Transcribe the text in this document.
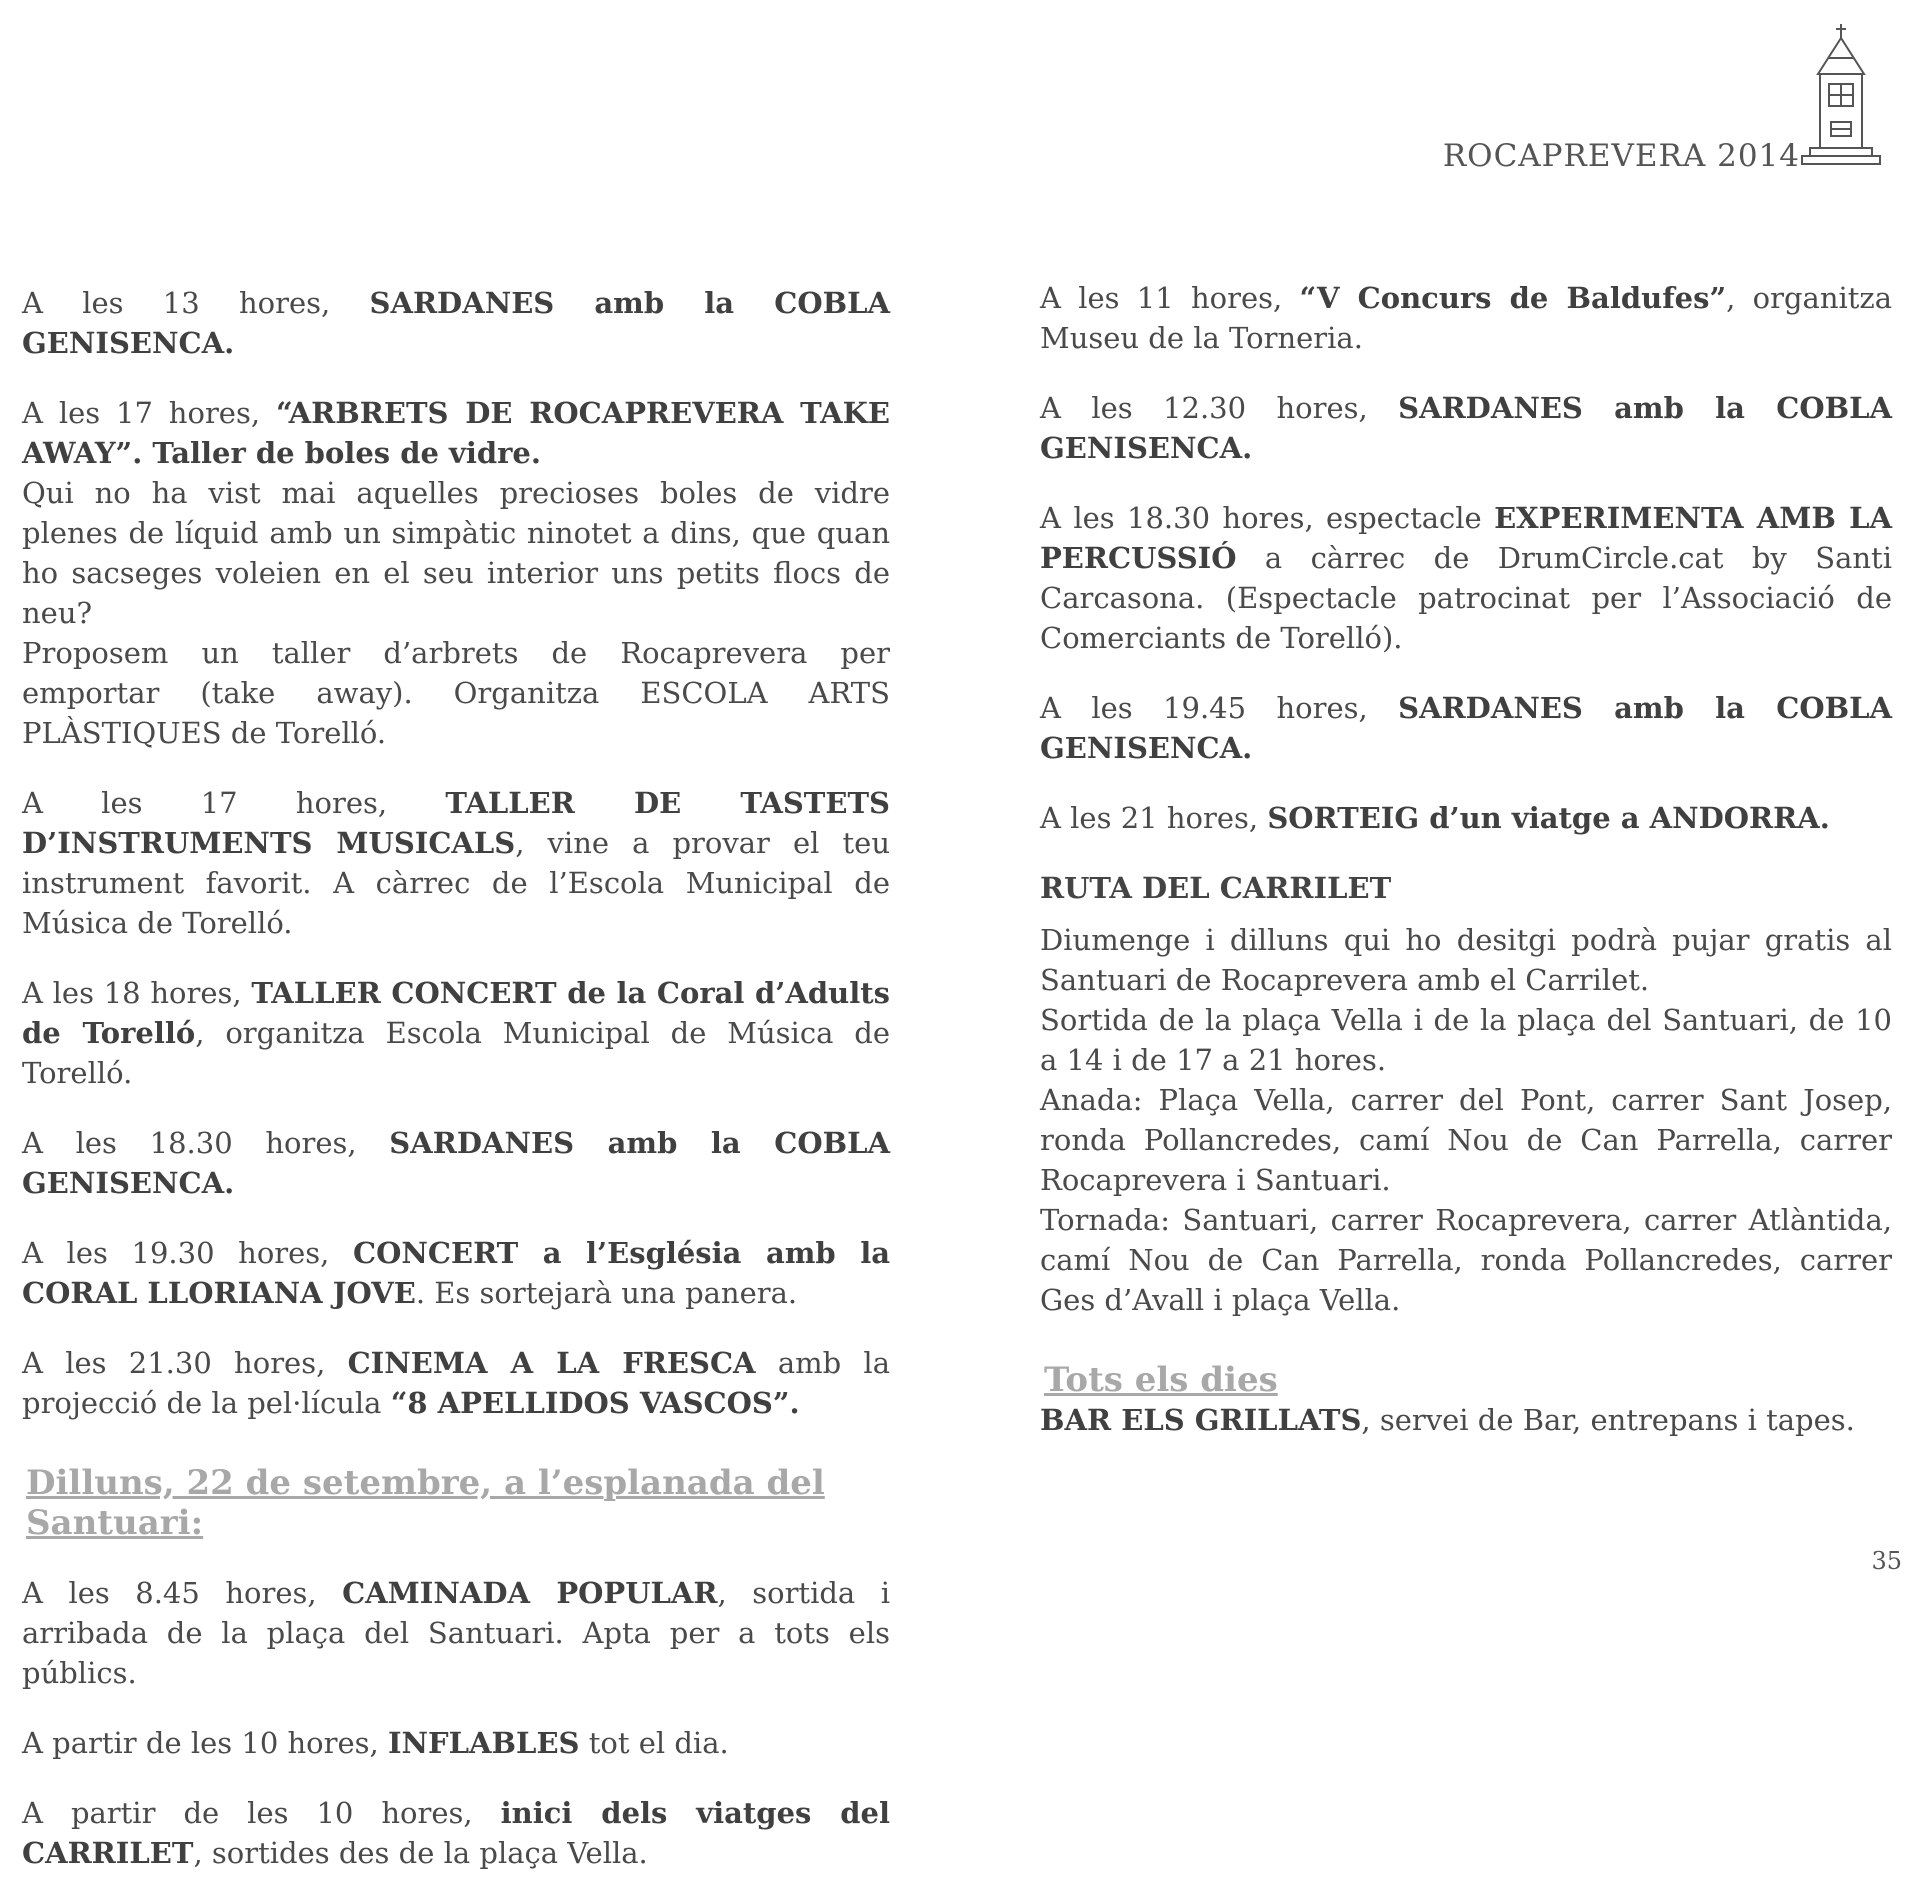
ROCAPREVERA 2014

A les 13 hores, SARDANES amb la COBLA GENISENCA.

A les 17 hores, “ARBRETS DE ROCAPREVERA TAKE AWAY”. Taller de boles de vidre.

Qui no ha vist mai aquelles precioses boles de vidre plenes de líquid amb un simpàtic ninotet a dins, que quan ho sacseges voleien en el seu interior uns petits flocs de neu?

Proposem un taller d’arbrets de Rocaprevera per emportar (take away). Organitza ESCOLA ARTS PLÀSTIQUES de Torelló.

A les 17 hores, TALLER DE TASTETS D’INSTRUMENTS MUSICALS, vine a provar el teu instrument favorit. A càrrec de l’Escola Municipal de Música de Torelló.

A les 18 hores, TALLER CONCERT de la Coral d’Adults de Torelló, organitza Escola Municipal de Música de Torelló.

A les 18.30 hores, SARDANES amb la COBLA GENISENCA.

A les 19.30 hores, CONCERT a l’Església amb la CORAL LLORIANA JOVE. Es sortejarà una panera.

A les 21.30 hores, CINEMA A LA FRESCA amb la projecció de la pel·lícula “8 APELLIDOS VASCOS”.

Dilluns, 22 de setembre, a l’esplanada del Santuari:

A les 8.45 hores, CAMINADA POPULAR, sortida i arribada de la plaça del Santuari. Apta per a tots els públics.

A partir de les 10 hores, INFLABLES tot el dia.

A partir de les 10 hores, inici dels viatges del CARRILET, sortides des de la plaça Vella.

A les 11 hores, “V Concurs de Baldufes”, organitza Museu de la Torneria.

A les 12.30 hores, SARDANES amb la COBLA GENISENCA.

A les 18.30 hores, espectacle EXPERIMENTA AMB LA PERCUSSIÓ a càrrec de DrumCircle.cat by Santi Carcasona. (Espectacle patrocinat per l’Associació de Comerciants de Torelló).

A les 19.45 hores, SARDANES amb la COBLA GENISENCA.

A les 21 hores, SORTEIG d’un viatge a ANDORRA.

RUTA DEL CARRILET

Diumenge i dilluns qui ho desitgi podrà pujar gratis al Santuari de Rocaprevera amb el Carrilet.

Sortida de la plaça Vella i de la plaça del Santuari, de 10 a 14 i de 17 a 21 hores.

Anada: Plaça Vella, carrer del Pont, carrer Sant Josep, ronda Pollancredes, camí Nou de Can Parrella, carrer Rocaprevera i Santuari.

Tornada: Santuari, carrer Rocaprevera, carrer Atlàntida, camí Nou de Can Parrella, ronda Pollancredes, carrer Ges d’Avall i plaça Vella.

Tots els dies

BAR ELS GRILLATS, servei de Bar, entrepans i tapes.

35
